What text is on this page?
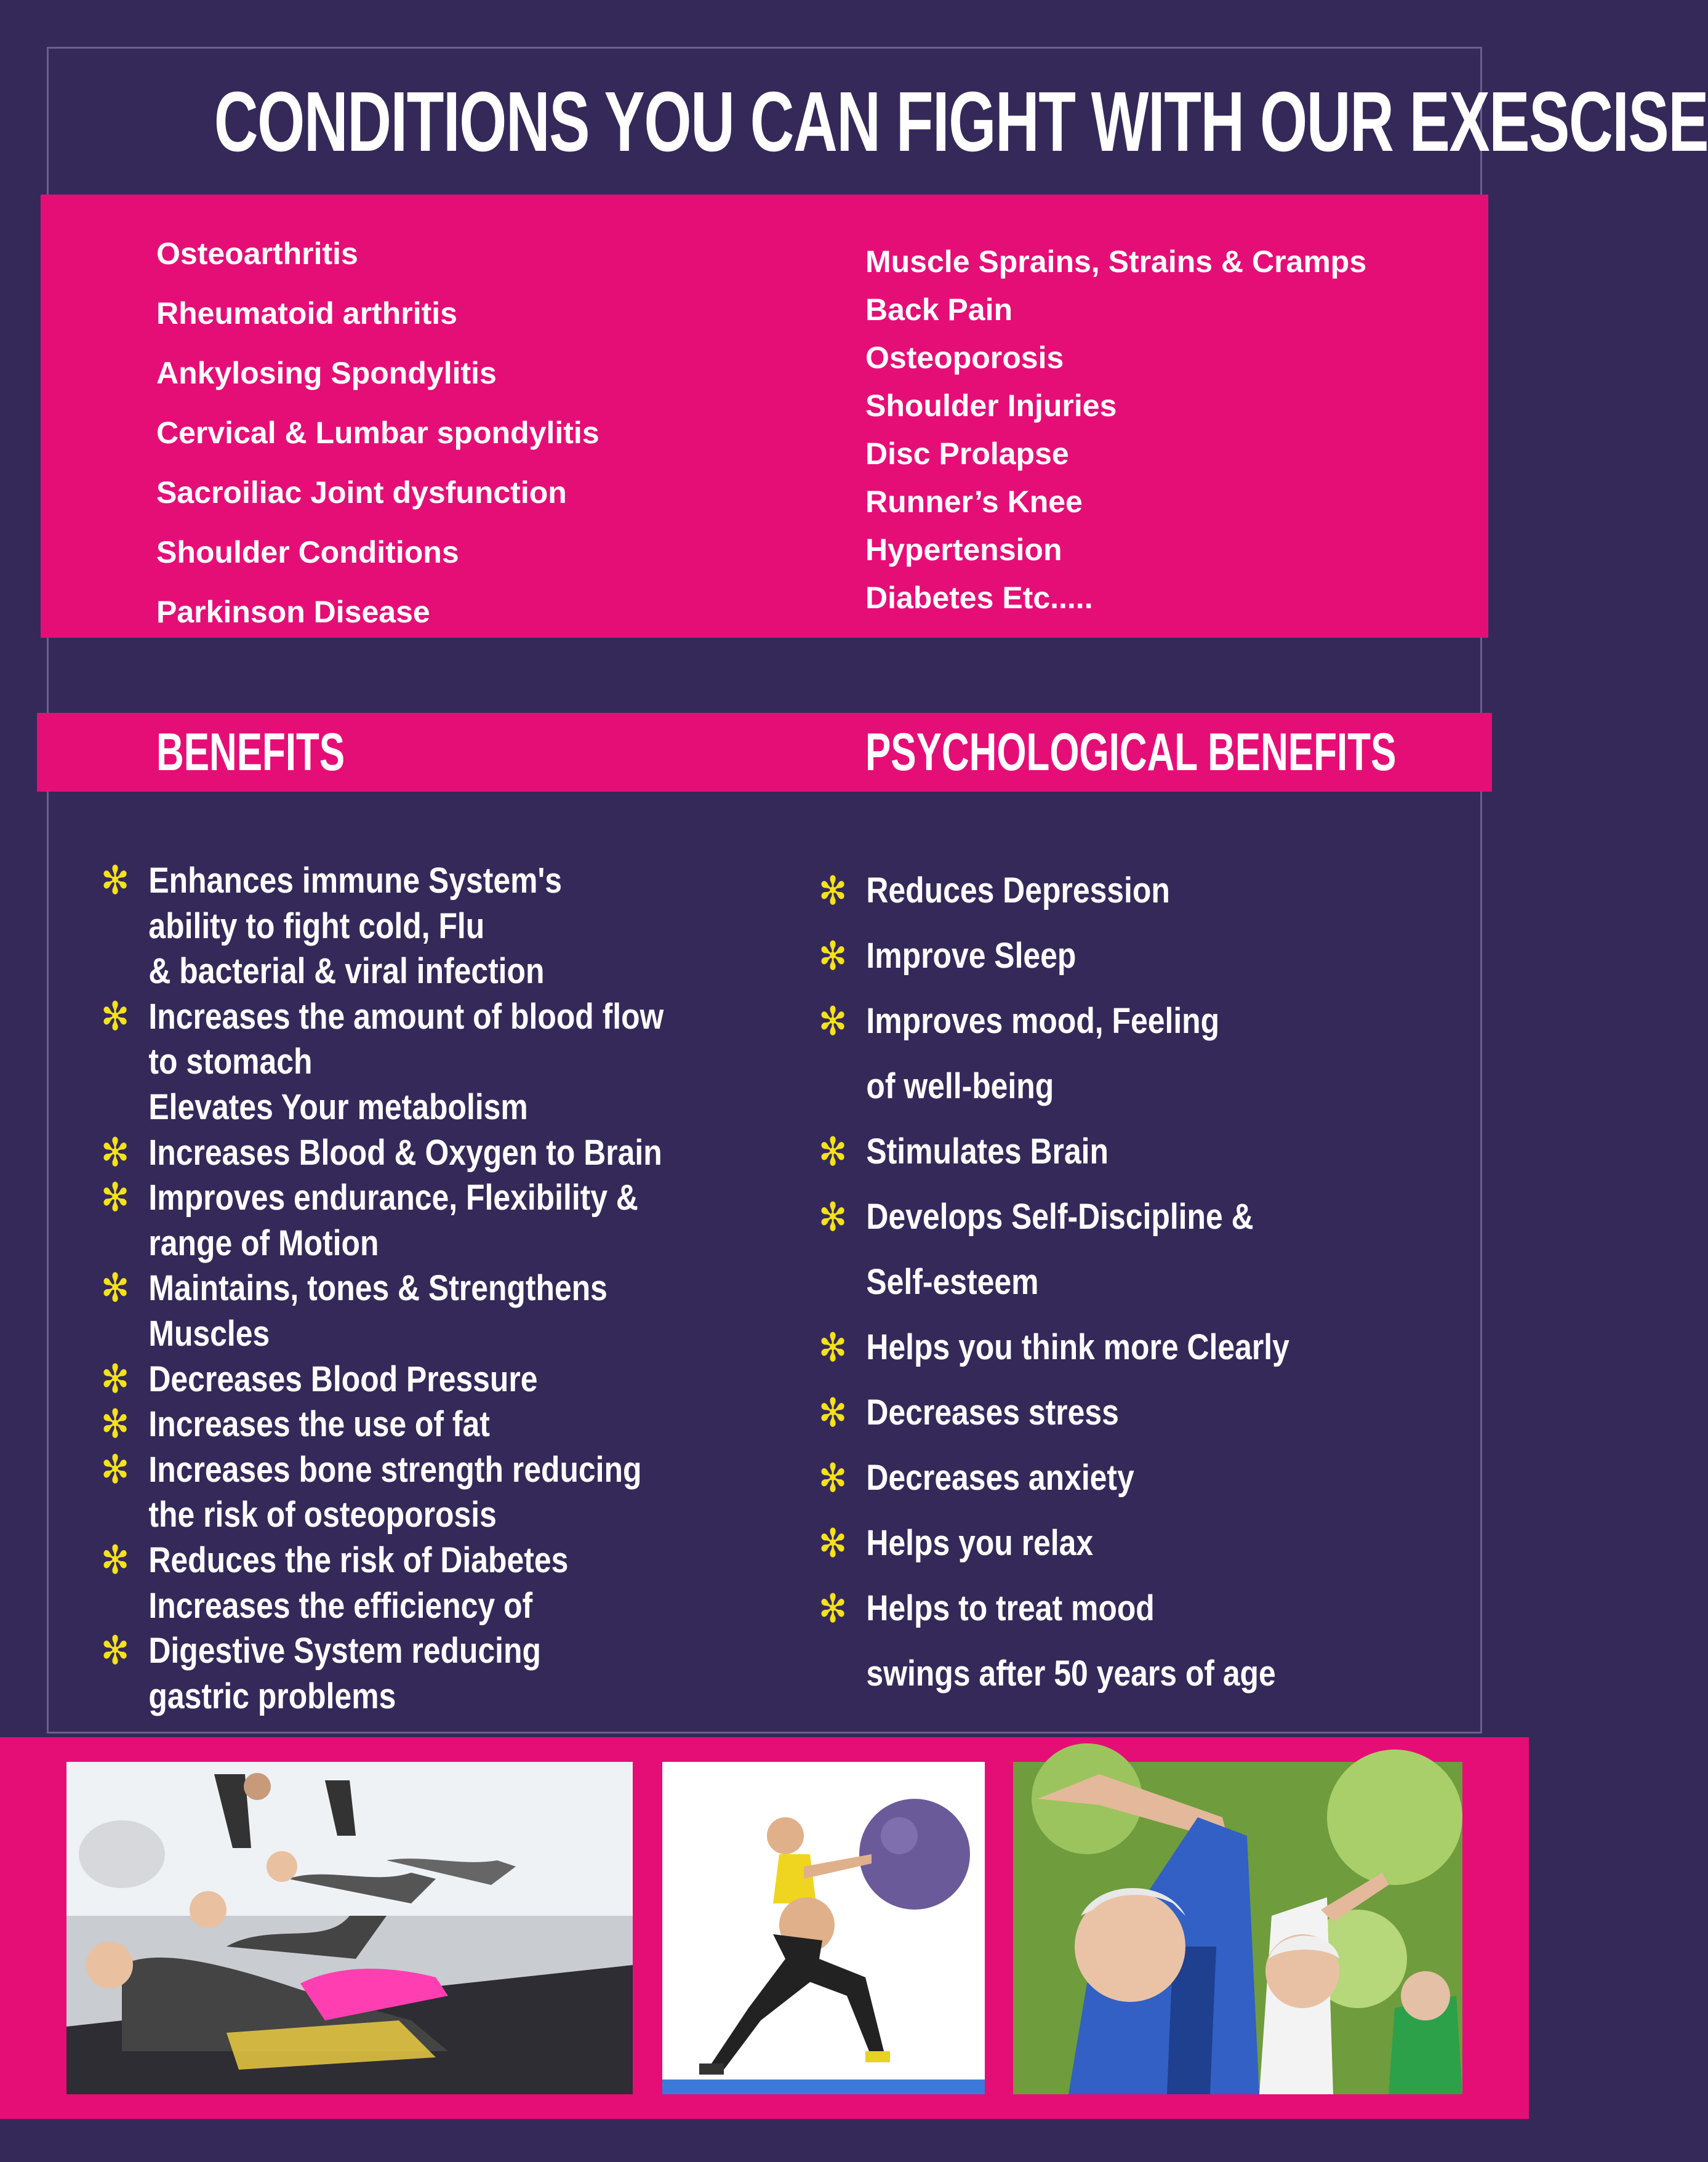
CONDITIONS YOU CAN FIGHT WITH OUR EXESCISE
Osteoarthritis
Rheumatoid arthritis
Ankylosing Spondylitis
Cervical & Lumbar spondylitis
Sacroiliac Joint dysfunction
Shoulder Conditions
Parkinson Disease
Muscle Sprains, Strains & Cramps
Back Pain
Osteoporosis
Shoulder Injuries
Disc Prolapse
Runner’s Knee
Hypertension
Diabetes Etc.....
BENEFITS	PSYCHOLOGICAL BENEFITS
✻ Enhances immune System's
ability to fight cold, Flu
& bacterial & viral infection
✻ Increases the amount of blood flow
to stomach
Elevates Your metabolism
✻ Increases Blood & Oxygen to Brain
✻ Improves endurance, Flexibility &
range of Motion
✻ Maintains, tones & Strengthens
Muscles
✻ Decreases Blood Pressure
✻ Increases the use of fat
✻ Increases bone strength reducing
the risk of osteoporosis
✻ Reduces the risk of Diabetes
Increases the efficiency of
✻ Digestive System reducing
gastric problems
✻ Reduces Depression
✻ Improve Sleep
✻ Improves mood, Feeling
of well-being
✻ Stimulates Brain
✻ Develops Self-Discipline &
Self-esteem
✻ Helps you think more Clearly
✻ Decreases stress
✻ Decreases anxiety
✻ Helps you relax
✻ Helps to treat mood
swings after 50 years of age
